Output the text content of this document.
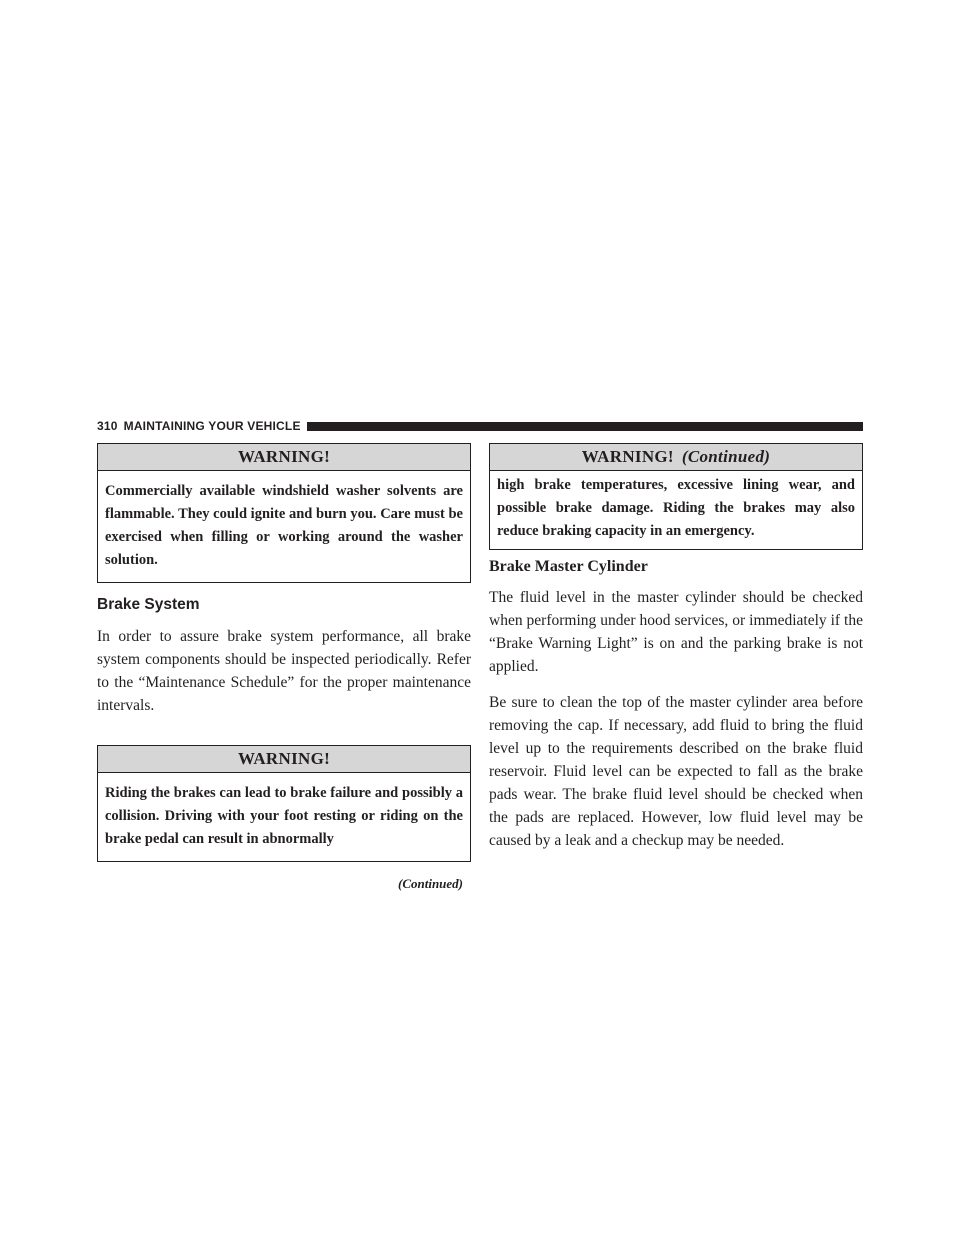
310 MAINTAINING YOUR VEHICLE
WARNING!
Commercially available windshield washer solvents are flammable. They could ignite and burn you. Care must be exercised when filling or working around the washer solution.
Brake System

In order to assure brake system performance, all brake system components should be inspected periodically. Refer to the “Maintenance Schedule” for the proper maintenance intervals.

WARNING!
Riding the brakes can lead to brake failure and possibly a collision. Driving with your foot resting or riding on the brake pedal can result in abnormally
(Continued)
WARNING! (Continued)
high brake temperatures, excessive lining wear, and possible brake damage. Riding the brakes may also reduce braking capacity in an emergency.
Brake Master Cylinder

The fluid level in the master cylinder should be checked when performing under hood services, or immediately if the “Brake Warning Light” is on and the parking brake is not applied.

Be sure to clean the top of the master cylinder area before removing the cap. If necessary, add fluid to bring the fluid level up to the requirements described on the brake fluid reservoir. Fluid level can be expected to fall as the brake pads wear. The brake fluid level should be checked when the pads are replaced. However, low fluid level may be caused by a leak and a checkup may be needed.
